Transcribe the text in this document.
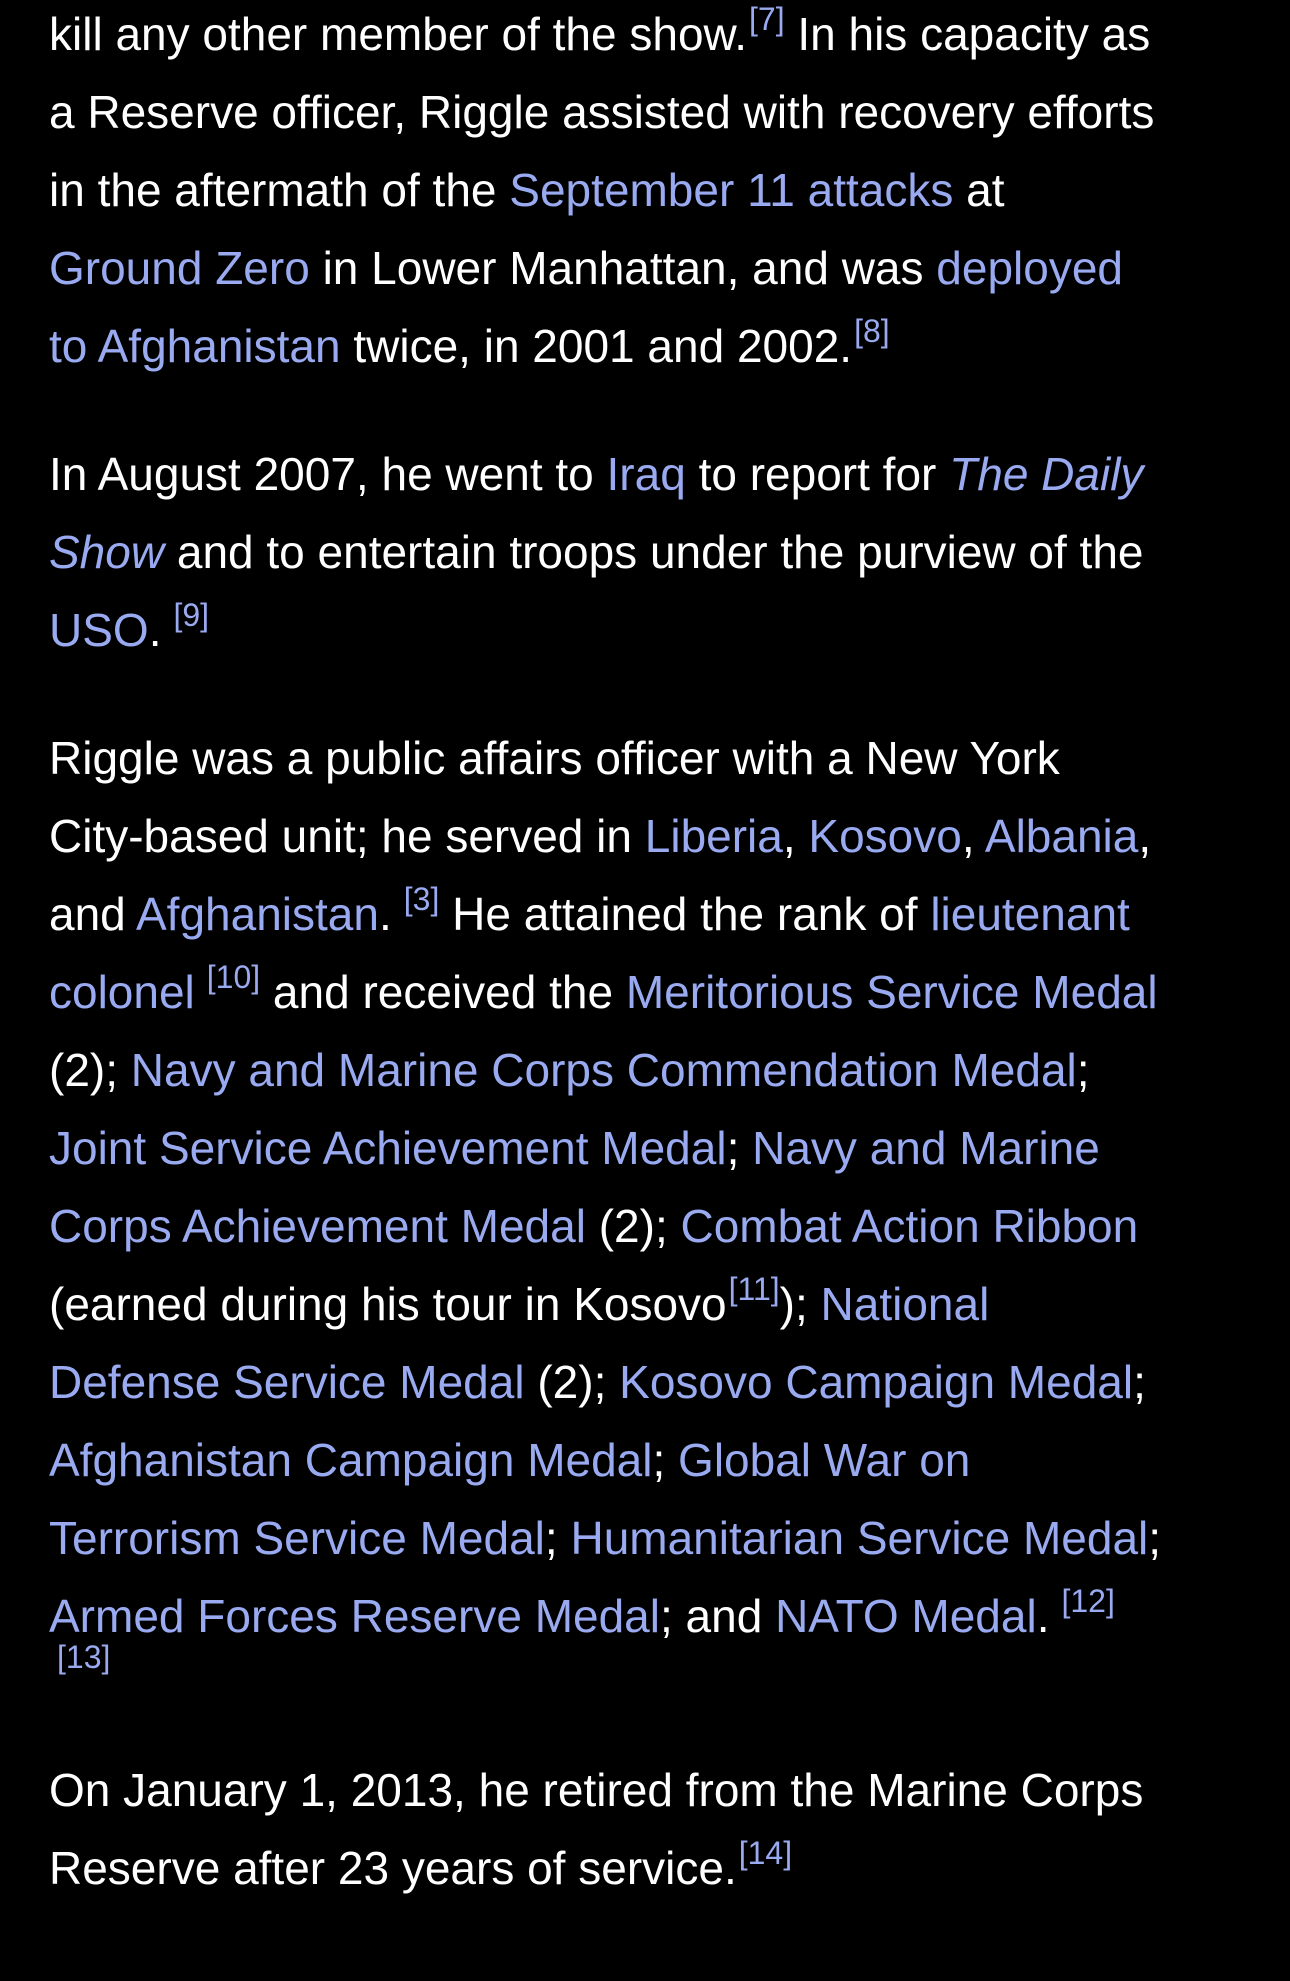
kill any other member of the show.[7] In his capacity as
a Reserve officer, Riggle assisted with recovery efforts
in the aftermath of the September 11 attacks at
Ground Zero in Lower Manhattan, and was deployed
to Afghanistan twice, in 2001 and 2002.[8]

In August 2007, he went to Iraq to report for The Daily
Show and to entertain troops under the purview of the
USO. [9]

Riggle was a public affairs officer with a New York
City-based unit; he served in Liberia, Kosovo, Albania,
and Afghanistan. [3] He attained the rank of lieutenant
colonel [10] and received the Meritorious Service Medal
(2); Navy and Marine Corps Commendation Medal;
Joint Service Achievement Medal; Navy and Marine
Corps Achievement Medal (2); Combat Action Ribbon
(earned during his tour in Kosovo[11]); National
Defense Service Medal (2); Kosovo Campaign Medal;
Afghanistan Campaign Medal; Global War on
Terrorism Service Medal; Humanitarian Service Medal;
Armed Forces Reserve Medal; and NATO Medal. [12]
[13]

On January 1, 2013, he retired from the Marine Corps
Reserve after 23 years of service.[14]
